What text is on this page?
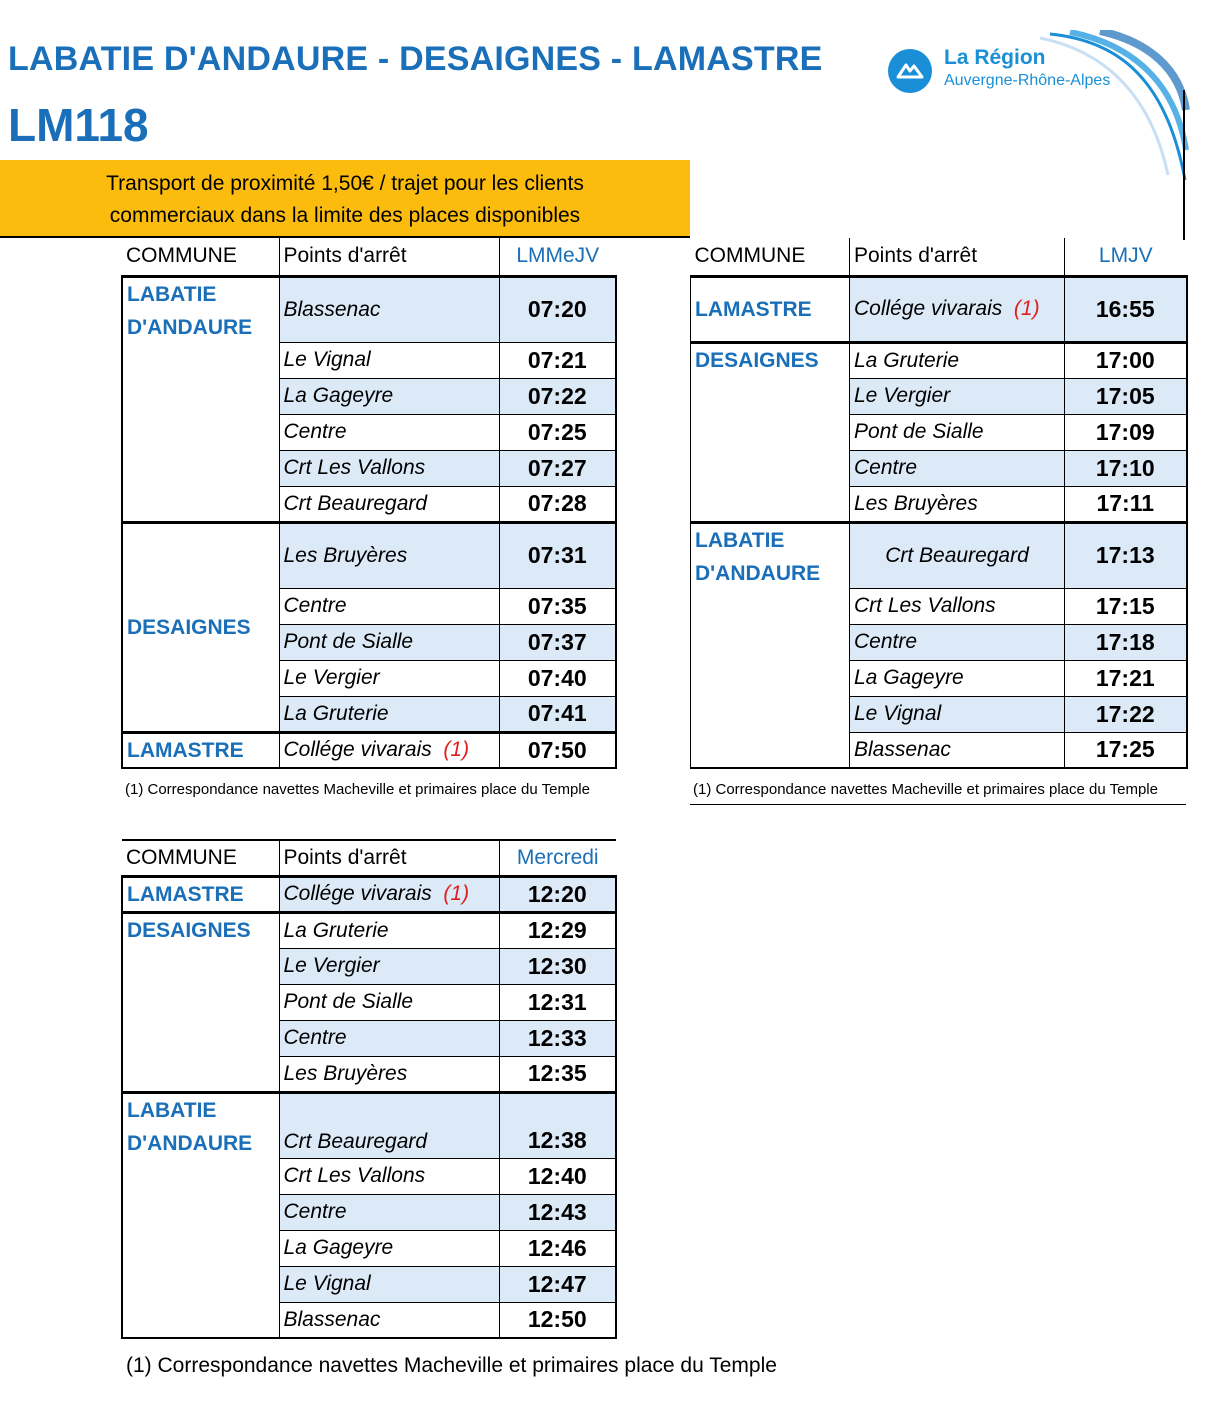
LABATIE D'ANDAURE - DESAIGNES - LAMASTRE
LM118
Transport de proximité 1,50€ / trajet pour les clients
commerciaux dans la limite des places disponibles
La Région
Auvergne-Rhône-Alpes
COMMUNE	Points d'arrêt	LMMeJV
LABATIE D'ANDAURE	Blassenac	07:20
	Le Vignal	07:21
	La Gageyre	07:22
	Centre	07:25
	Crt Les Vallons	07:27
	Crt Beauregard	07:28
DESAIGNES	Les Bruyères	07:31
	Centre	07:35
	Pont de Sialle	07:37
	Le Vergier	07:40
	La Gruterie	07:41
LAMASTRE	Collége vivarais (1)	07:50
(1) Correspondance navettes Macheville et primaires place du Temple
COMMUNE	Points d'arrêt	LMJV
LAMASTRE	Collége vivarais (1)	16:55
DESAIGNES	La Gruterie	17:00
	Le Vergier	17:05
	Pont de Sialle	17:09
	Centre	17:10
	Les Bruyères	17:11
LABATIE D'ANDAURE	Crt Beauregard	17:13
	Crt Les Vallons	17:15
	Centre	17:18
	La Gageyre	17:21
	Le Vignal	17:22
	Blassenac	17:25
(1) Correspondance navettes Macheville et primaires place du Temple
COMMUNE	Points d'arrêt	Mercredi
LAMASTRE	Collége vivarais (1)	12:20
DESAIGNES	La Gruterie	12:29
	Le Vergier	12:30
	Pont de Sialle	12:31
	Centre	12:33
	Les Bruyères	12:35
LABATIE D'ANDAURE	Crt Beauregard	12:38
	Crt Les Vallons	12:40
	Centre	12:43
	La Gageyre	12:46
	Le Vignal	12:47
	Blassenac	12:50
(1) Correspondance navettes Macheville et primaires place du Temple
